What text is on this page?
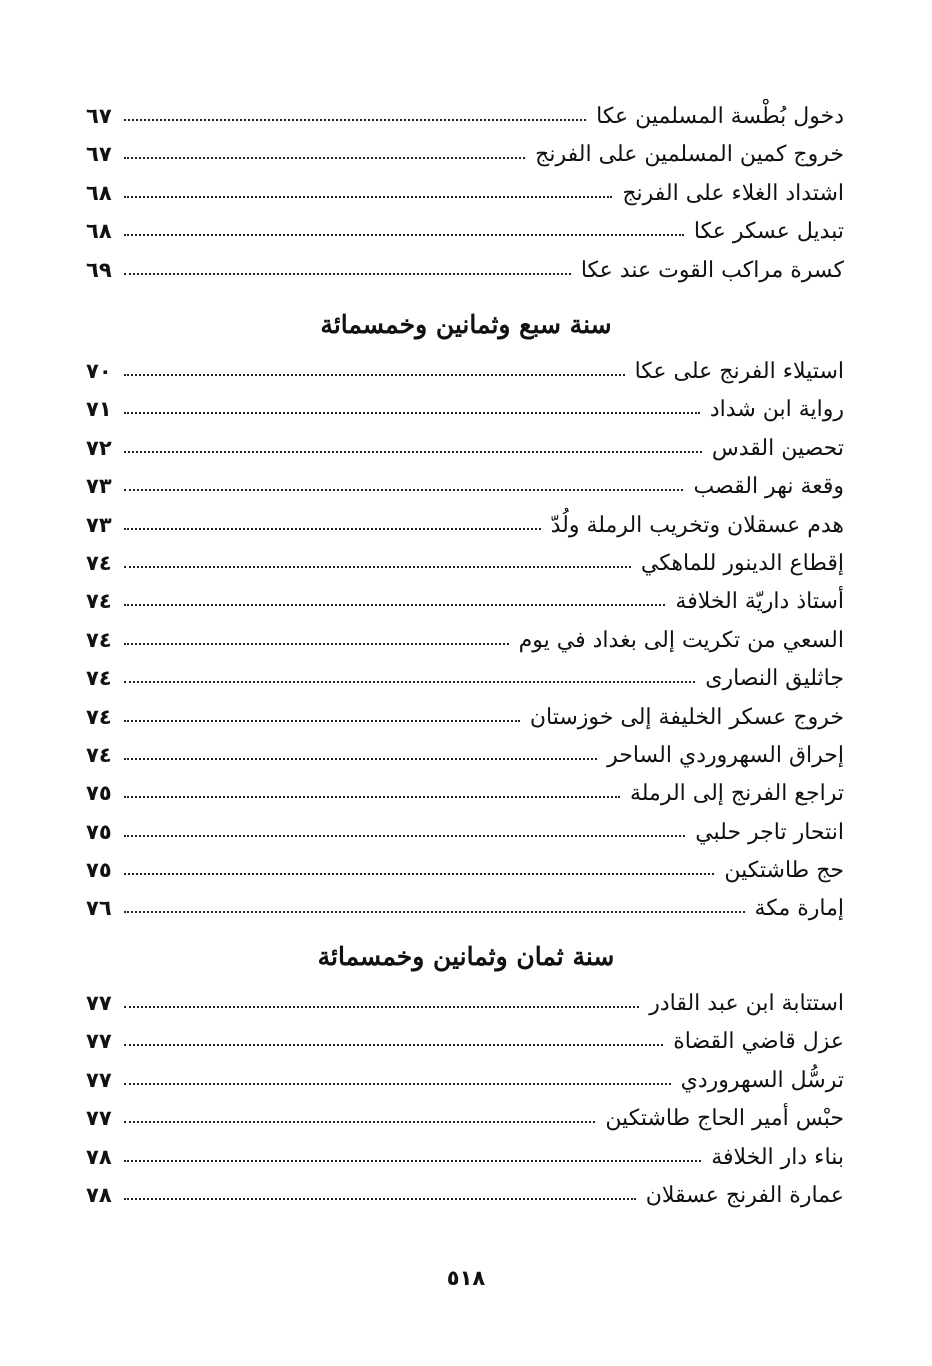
دخول بُطْسة المسلمين عكا
٦٧
خروج كمين المسلمين على الفرنج
٦٧
اشتداد الغلاء على الفرنج
٦٨
تبديل عسكر عكا
٦٨
كسرة مراكب القوت عند عكا
٦٩
سنة سبع وثمانين وخمسمائة
استيلاء الفرنج على عكا
٧٠
رواية ابن شداد
٧١
تحصين القدس
٧٢
وقعة نهر القصب
٧٣
هدم عسقلان وتخريب الرملة ولُدّ
٧٣
إقطاع الدينور للماهكي
٧٤
أستاذ داريّة الخلافة
٧٤
السعي من تكريت إلى بغداد في يوم
٧٤
جاثليق النصارى
٧٤
خروج عسكر الخليفة إلى خوزستان
٧٤
إحراق السهروردي الساحر
٧٤
تراجع الفرنج إلى الرملة
٧٥
انتحار تاجر حلبي
٧٥
حج طاشتكين
٧٥
إمارة مكة
٧٦
سنة ثمان وثمانين وخمسمائة
استتابة ابن عبد القادر
٧٧
عزل قاضي القضاة
٧٧
ترسُّل السهروردي
٧٧
حبْس أمير الحاج طاشتكين
٧٧
بناء دار الخلافة
٧٨
عمارة الفرنج عسقلان
٧٨
٥١٨
